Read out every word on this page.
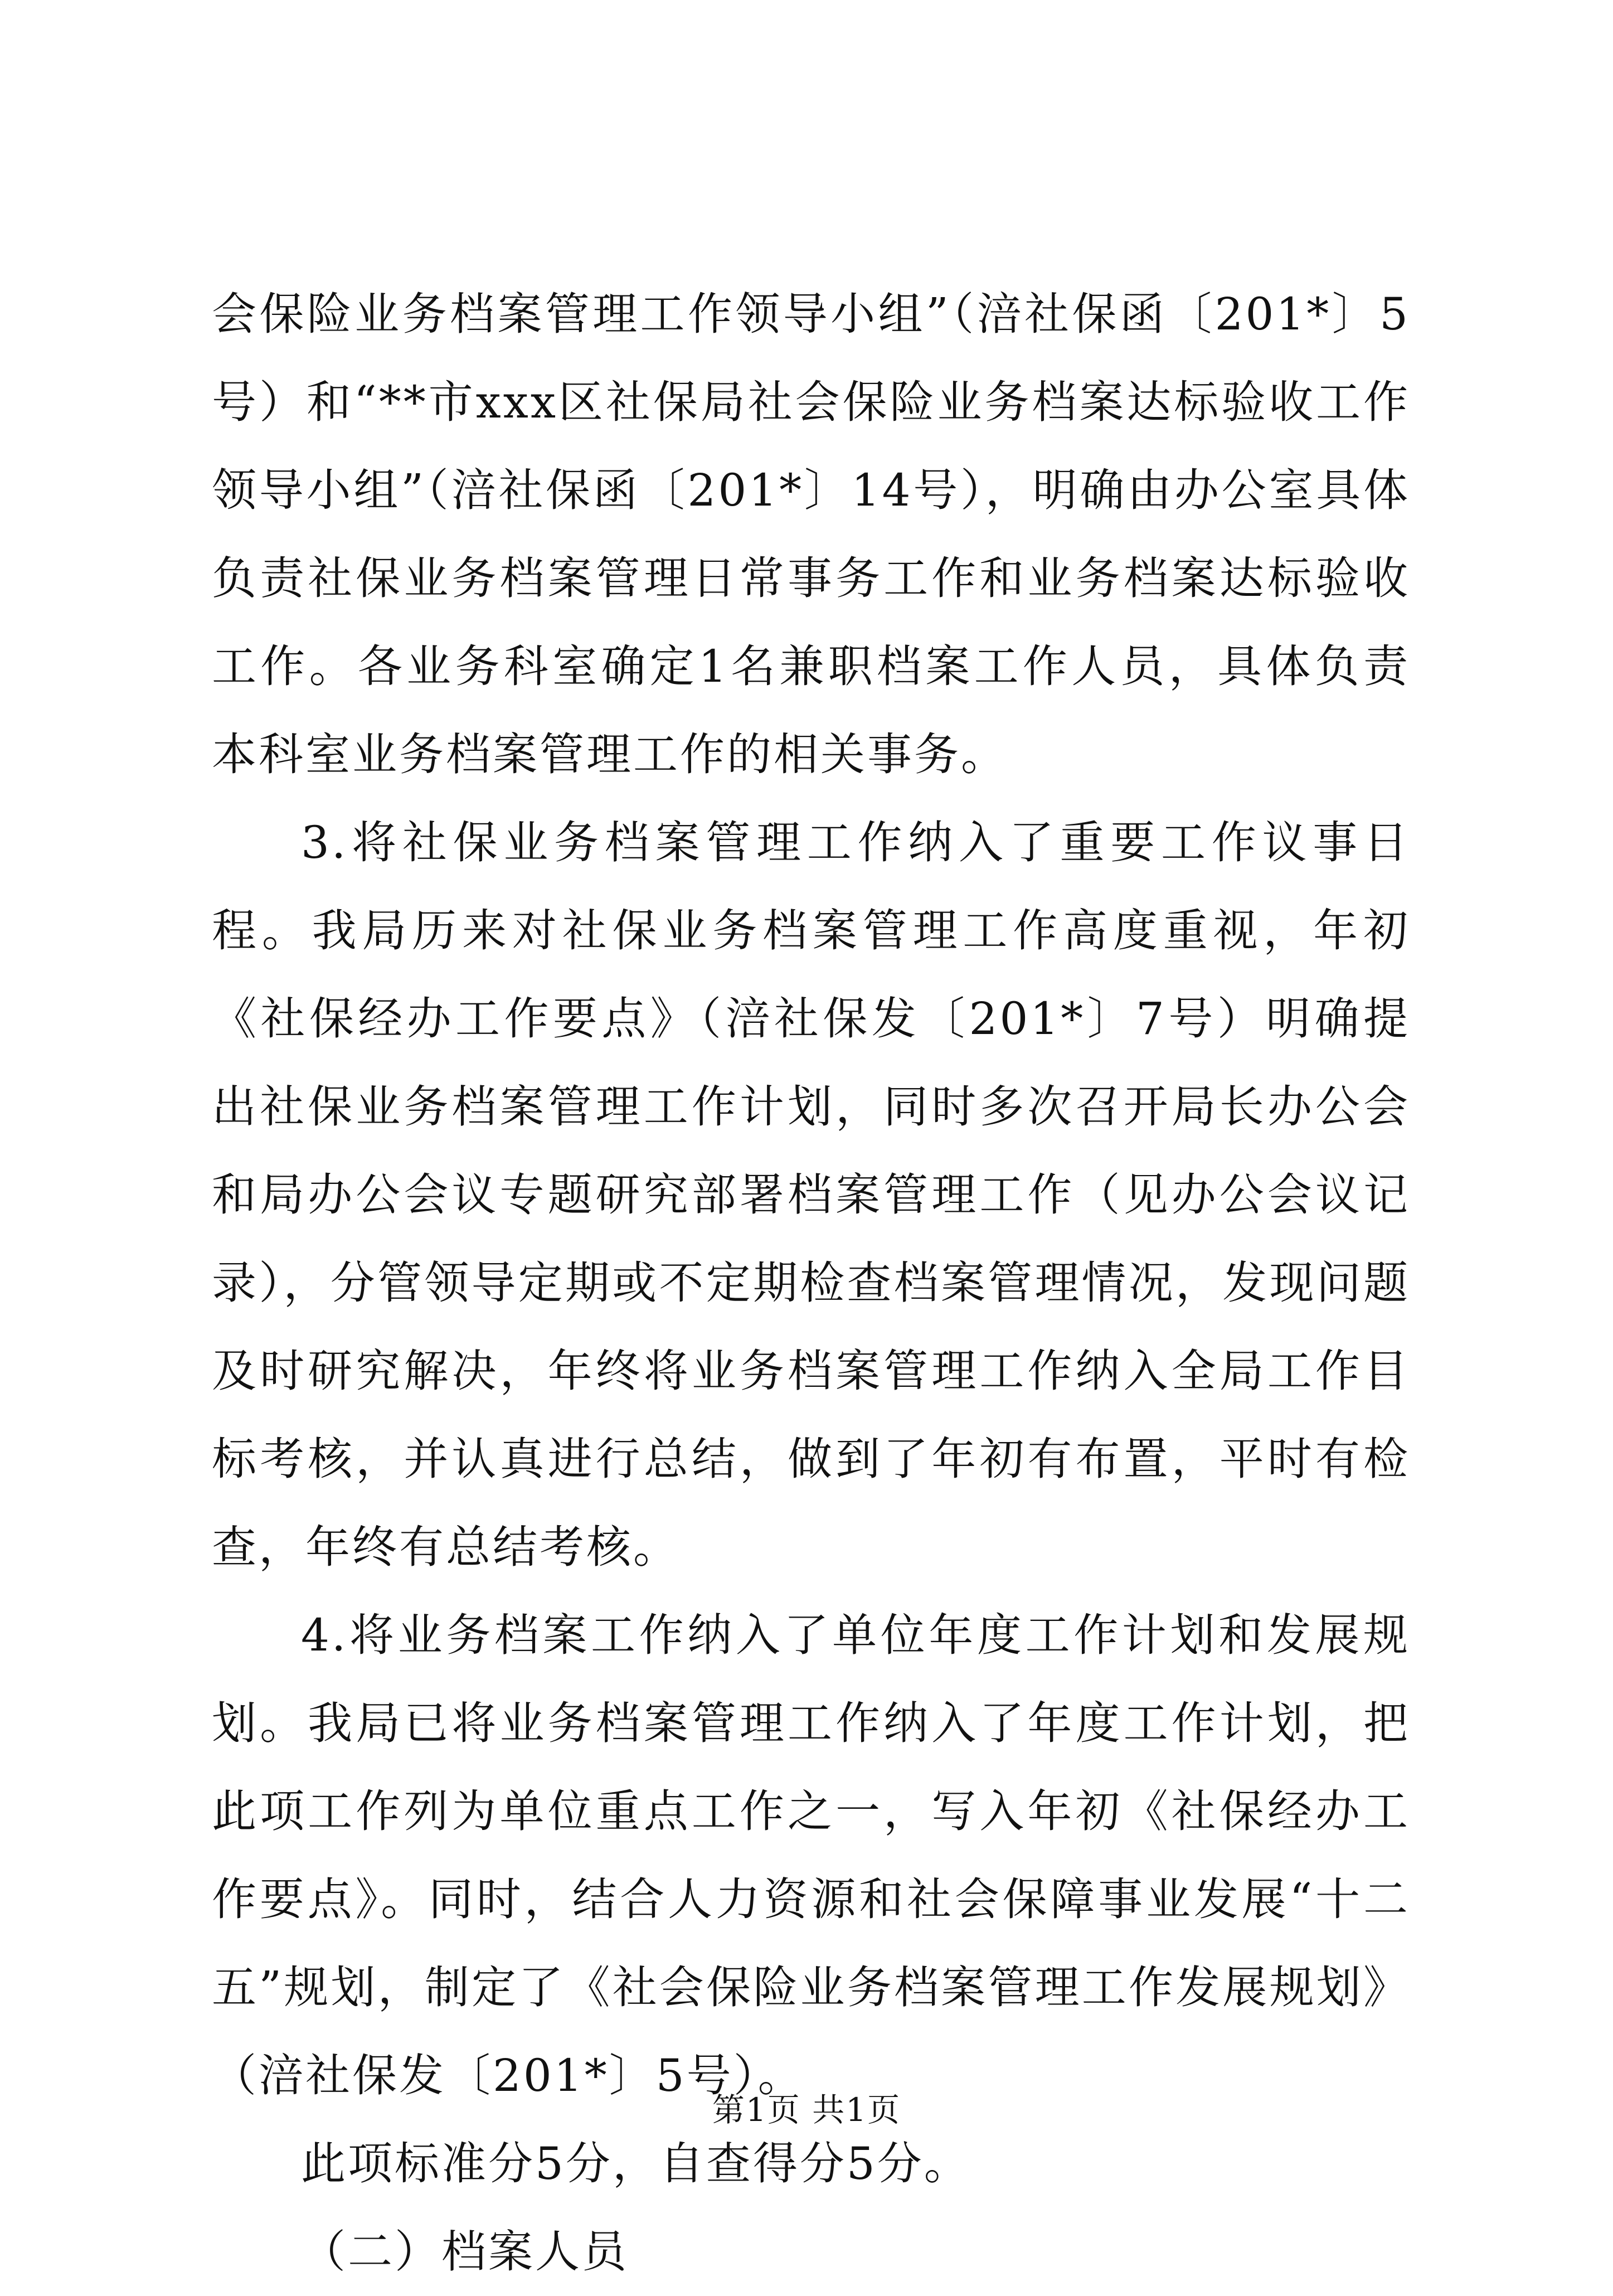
会保险业务档案管理工作领导小组”（涪社保函〔201*〕5号）和“**市xxx区社保局社会保险业务档案达标验收工作领导小组”（涪社保函〔201*〕14号），明确由办公室具体负责社保业务档案管理日常事务工作和业务档案达标验收工作。各业务科室确定1名兼职档案工作人员，具体负责本科室业务档案管理工作的相关事务。

3.将社保业务档案管理工作纳入了重要工作议事日程。我局历来对社保业务档案管理工作高度重视，年初《社保经办工作要点》（涪社保发〔201*〕7号）明确提出社保业务档案管理工作计划，同时多次召开局长办公会和局办公会议专题研究部署档案管理工作（见办公会议记录），分管领导定期或不定期检查档案管理情况，发现问题及时研究解决，年终将业务档案管理工作纳入全局工作目标考核，并认真进行总结，做到了年初有布置，平时有检查，年终有总结考核。

4.将业务档案工作纳入了单位年度工作计划和发展规划。我局已将业务档案管理工作纳入了年度工作计划，把此项工作列为单位重点工作之一，写入年初《社保经办工作要点》。同时，结合人力资源和社会保障事业发展“十二五”规划，制定了《社会保险业务档案管理工作发展规划》（涪社保发〔201*〕5号）。

此项标准分5分，自查得分5分。

（二）档案人员

第1页 共1页
